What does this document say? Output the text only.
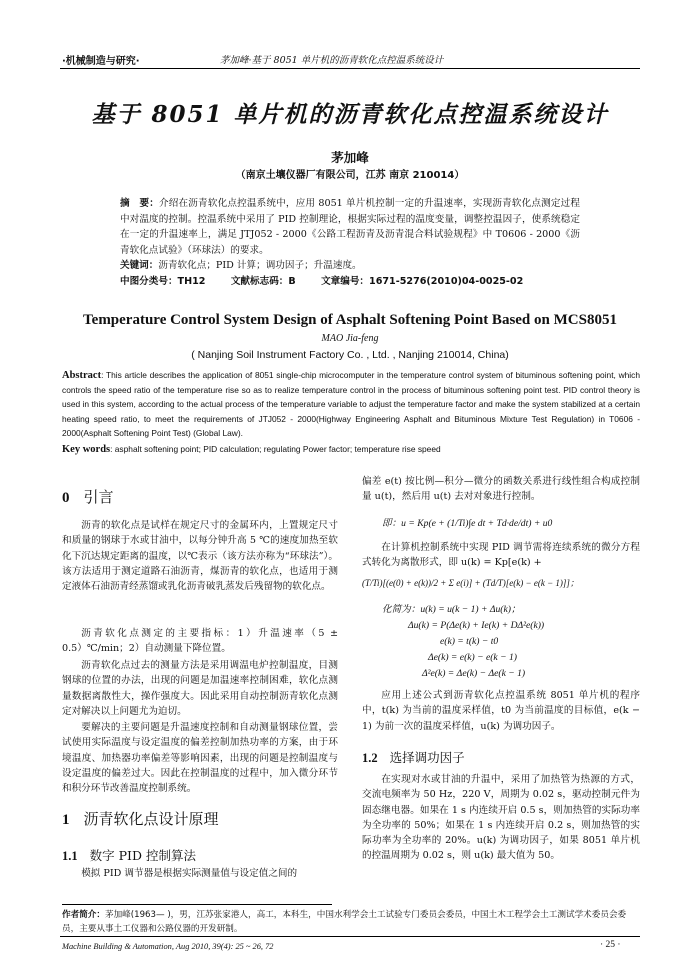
·机械制造与研究·	茅加峰·基于 8051 单片机的沥青软化点控温系统设计
基于 8051 单片机的沥青软化点控温系统设计
茅加峰
（南京土壤仪器厂有限公司，江苏 南京 210014）
摘　要：介绍在沥青软化点控温系统中，应用 8051 单片机控制一定的升温速率，实现沥青软化点测定过程中对温度的控制。控温系统中采用了 PID 控制理论，根据实际过程的温度变量，调整控温因子，使系统稳定在一定的升温速率上，满足 JTJ052 - 2000《公路工程沥青及沥青混合料试验规程》中 T0606 - 2000《沥青软化点试验》（环球法）的要求。
关键词：沥青软化点；PID 计算；调功因子；升温速度。
中图分类号：TH12	文献标志码：B	文章编号：1671-5276(2010)04-0025-02
Temperature Control System Design of Asphalt Softening Point Based on MCS8051
MAO Jia-feng
( Nanjing Soil Instrument Factory Co. , Ltd. , Nanjing 210014, China)
Abstract: This article describes the application of 8051 single-chip microcomputer in the temperature control system of bituminous softening point, which controls the speed ratio of the temperature rise so as to realize temperature control in the process of bituminous softening point test. PID control theory is used in this system, according to the actual process of the temperature variable to adjust the temperature factor and make the system stabilized at a certain heating speed ratio, to meet the requirements of JTJ052 - 2000(Highway Engineering Asphalt and Bituminous Mixture Test Regulation) in T0606 - 2000(Asphalt Softening Point Test) (Global Law).
Key words: asphalt softening point; PID calculation; regulating Power factor; temperature rise speed
0 引言
沥青的软化点是试样在规定尺寸的金属环内，上置规定尺寸和质量的钢球于水或甘油中，以每分钟升高 5 ℃的速度加热至软化下沉达规定距离的温度，以℃表示（该方法亦称为“环球法”）。该方法适用于测定道路石油沥青，煤沥青的软化点，也适用于测定液体石油沥青经蒸馏或乳化沥青破乳蒸发后残留物的软化点。
沥青软化点测定的主要指标：1）升温速率（5 ± 0.5）℃/min；2）自动测量下降位置。
沥青软化点过去的测量方法是采用调温电炉控制温度，目测钢球的位置的办法，出现的问题是加温速率控制困难，软化点测量数据离散性大，操作强度大。因此采用自动控制沥青软化点测定对解决以上问题尤为迫切。
要解决的主要问题是升温速度控制和自动测量钢球位置，尝试使用实际温度与设定温度的偏差控制加热功率的方案，由于环境温度、加热器功率偏差等影响因素，出现的问题是控制温度与设定温度的偏差过大。因此在控制温度的过程中，加入微分环节和积分环节改善温度控制系统。
1 沥青软化点设计原理
1.1 数字 PID 控制算法
模拟 PID 调节器是根据实际测量值与设定值之间的
偏差 e(t) 按比例—积分—微分的函数关系进行线性组合构成控制量 u(t)，然后用 u(t) 去对对象进行控制。
即：u = Kp(e + (1/Ti)∫e dt + Td·de/dt) + u0
在计算机控制系统中实现 PID 调节需将连续系统的微分方程式转化为离散形式，即 u(k) = Kp[e(k) +
(T/Ti)[(e(0) + e(k))/2 + Σ e(i)] + (Td/T)[e(k) − e(k − 1)]]；
化简为：u(k) = u(k − 1) + Δu(k)；
Δu(k) = P(Δe(k) + Ie(k) + DΔ²e(k))
e(k) = t(k) − t0
Δe(k) = e(k) − e(k − 1)
Δ²e(k) = Δe(k) − Δe(k − 1)
应用上述公式到沥青软化点控温系统 8051 单片机的程序中，t(k) 为当前的温度采样值，t0 为当前温度的目标值，e(k − 1) 为前一次的温度采样值，u(k) 为调功因子。
1.2 选择调功因子
在实现对水或甘油的升温中，采用了加热管为热源的方式，交流电频率为 50 Hz，220 V，周期为 0.02 s，驱动控制元件为固态继电器。如果在 1 s 内连续开启 0.5 s，则加热管的实际功率为全功率的 50%；如果在 1 s 内连续开启 0.2 s，则加热管的实际功率为全功率的 20%。u(k) 为调功因子，如果 8051 单片机的控温周期为 0.02 s，则 u(k) 最大值为 50。
作者简介：茅加峰(1963— )，男，江苏张家港人，高工，本科生，中国水利学会土工试验专门委员会委员，中国土木工程学会土工测试学术委员会委员，主要从事土工仪器和公路仪器的开发研制。
Machine Building & Automation, Aug 2010, 39(4): 25 ~ 26, 72	· 25 ·
